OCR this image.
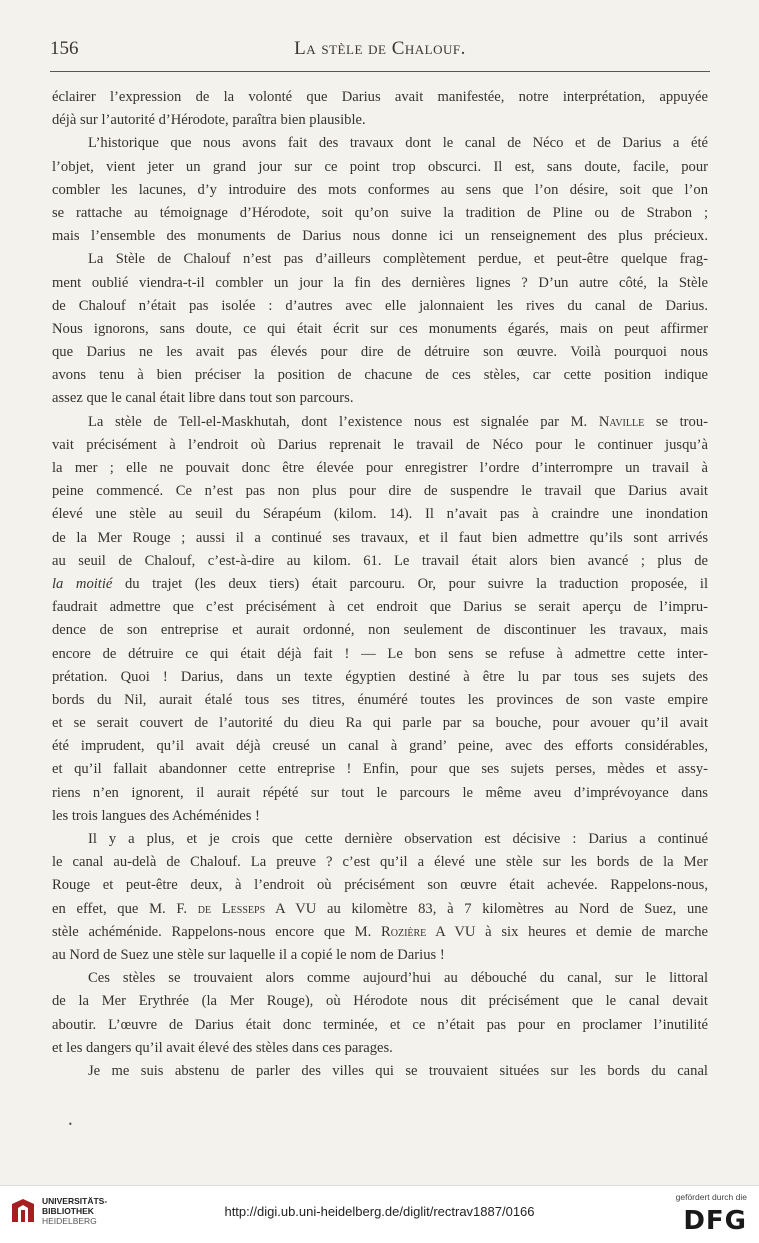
156	La stèle de Chalouf.
éclairer l’expression de la volonté que Darius avait manifestée, notre interprétation, appuyée
déjà sur l’autorité d’Hérodote, paraîtra bien plausible.
L’historique que nous avons fait des travaux dont le canal de Néco et de Darius a été
l’objet, vient jeter un grand jour sur ce point trop obscurci. Il est, sans doute, facile, pour
combler les lacunes, d’y introduire des mots conformes au sens que l’on désire, soit que l’on
se rattache au témoignage d’Hérodote, soit qu’on suive la tradition de Pline ou de Strabon ;
mais l’ensemble des monuments de Darius nous donne ici un renseignement des plus précieux.
La Stèle de Chalouf n’est pas d’ailleurs complètement perdue, et peut-être quelque frag-
ment oublié viendra-t-il combler un jour la fin des dernières lignes ? D’un autre côté, la Stèle
de Chalouf n’était pas isolée : d’autres avec elle jalonnaient les rives du canal de Darius.
Nous ignorons, sans doute, ce qui était écrit sur ces monuments égarés, mais on peut affirmer
que Darius ne les avait pas élevés pour dire de détruire son œuvre. Voilà pourquoi nous
avons tenu à bien préciser la position de chacune de ces stèles, car cette position indique
assez que le canal était libre dans tout son parcours.
La stèle de Tell-el-Maskhutah, dont l’existence nous est signalée par M. Naville se trou-
vait précisément à l’endroit où Darius reprenait le travail de Néco pour le continuer jusqu’à
la mer ; elle ne pouvait donc être élevée pour enregistrer l’ordre d’interrompre un travail à
peine commencé. Ce n’est pas non plus pour dire de suspendre le travail que Darius avait
élevé une stèle au seuil du Sérapéum (kilom. 14). Il n’avait pas à craindre une inondation
de la Mer Rouge ; aussi il a continué ses travaux, et il faut bien admettre qu’ils sont arrivés
au seuil de Chalouf, c’est-à-dire au kilom. 61. Le travail était alors bien avancé ; plus de
la moitié du trajet (les deux tiers) était parcouru. Or, pour suivre la traduction proposée, il
faudrait admettre que c’est précisément à cet endroit que Darius se serait aperçu de l’impru-
dence de son entreprise et aurait ordonné, non seulement de discontinuer les travaux, mais
encore de détruire ce qui était déjà fait ! — Le bon sens se refuse à admettre cette inter-
prétation. Quoi ! Darius, dans un texte égyptien destiné à être lu par tous ses sujets des
bords du Nil, aurait étalé tous ses titres, énuméré toutes les provinces de son vaste empire
et se serait couvert de l’autorité du dieu Ra qui parle par sa bouche, pour avouer qu’il avait
été imprudent, qu’il avait déjà creusé un canal à grand’ peine, avec des efforts considérables,
et qu’il fallait abandonner cette entreprise ! Enfin, pour que ses sujets perses, mèdes et assy-
riens n’en ignorent, il aurait répété sur tout le parcours le même aveu d’imprévoyance dans
les trois langues des Achéménides !
Il y a plus, et je crois que cette dernière observation est décisive : Darius a continué
le canal au-delà de Chalouf. La preuve ? c’est qu’il a élevé une stèle sur les bords de la Mer
Rouge et peut-être deux, à l’endroit où précisément son œuvre était achevée. Rappelons-nous,
en effet, que M. F. de Lesseps A VU au kilomètre 83, à 7 kilomètres au Nord de Suez, une
stèle achéménide. Rappelons-nous encore que M. Rozière A VU à six heures et demie de marche
au Nord de Suez une stèle sur laquelle il a copié le nom de Darius !
Ces stèles se trouvaient alors comme aujourd’hui au débouché du canal, sur le littoral
de la Mer Erythrée (la Mer Rouge), où Hérodote nous dit précisément que le canal devait
aboutir. L’œuvre de Darius était donc terminée, et ce n’était pas pour en proclamer l’inutilité
et les dangers qu’il avait élevé des stèles dans ces parages.
Je me suis abstenu de parler des villes qui se trouvaient situées sur les bords du canal
•
UNIVERSITÄTS-
BIBLIOTHEK
HEIDELBERG
http://digi.ub.uni-heidelberg.de/diglit/rectrav1887/0166
gefördert durch die
DFG
